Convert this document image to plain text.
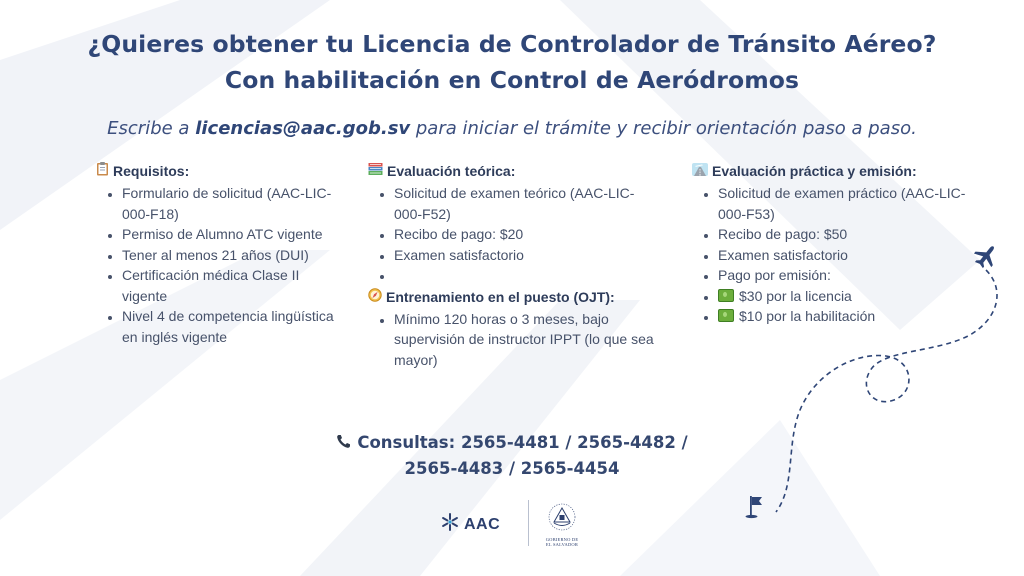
¿Quieres obtener tu Licencia de Controlador de Tránsito Aéreo?
Con habilitación en Control de Aeródromos
Escribe a licencias@aac.gob.sv para iniciar el trámite y recibir orientación paso a paso.
Requisitos:
• Formulario de solicitud (AAC-LIC-000-F18)
• Permiso de Alumno ATC vigente
• Tener al menos 21 años (DUI)
• Certificación médica Clase II vigente
• Nivel 4 de competencia lingüística en inglés vigente
Evaluación teórica:
• Solicitud de examen teórico (AAC-LIC-000-F52)
• Recibo de pago: $20
• Examen satisfactorio
•
Entrenamiento en el puesto (OJT):
• Mínimo 120 horas o 3 meses, bajo supervisión de instructor IPPT (lo que sea mayor)
Evaluación práctica y emisión:
• Solicitud de examen práctico (AAC-LIC-000-F53)
• Recibo de pago: $50
• Examen satisfactorio
• Pago por emisión:
• $30 por la licencia
• $10 por la habilitación
Consultas: 2565-4481 / 2565-4482 /
2565-4483 / 2565-4454
AAC
GOBIERNO DE
EL SALVADOR
